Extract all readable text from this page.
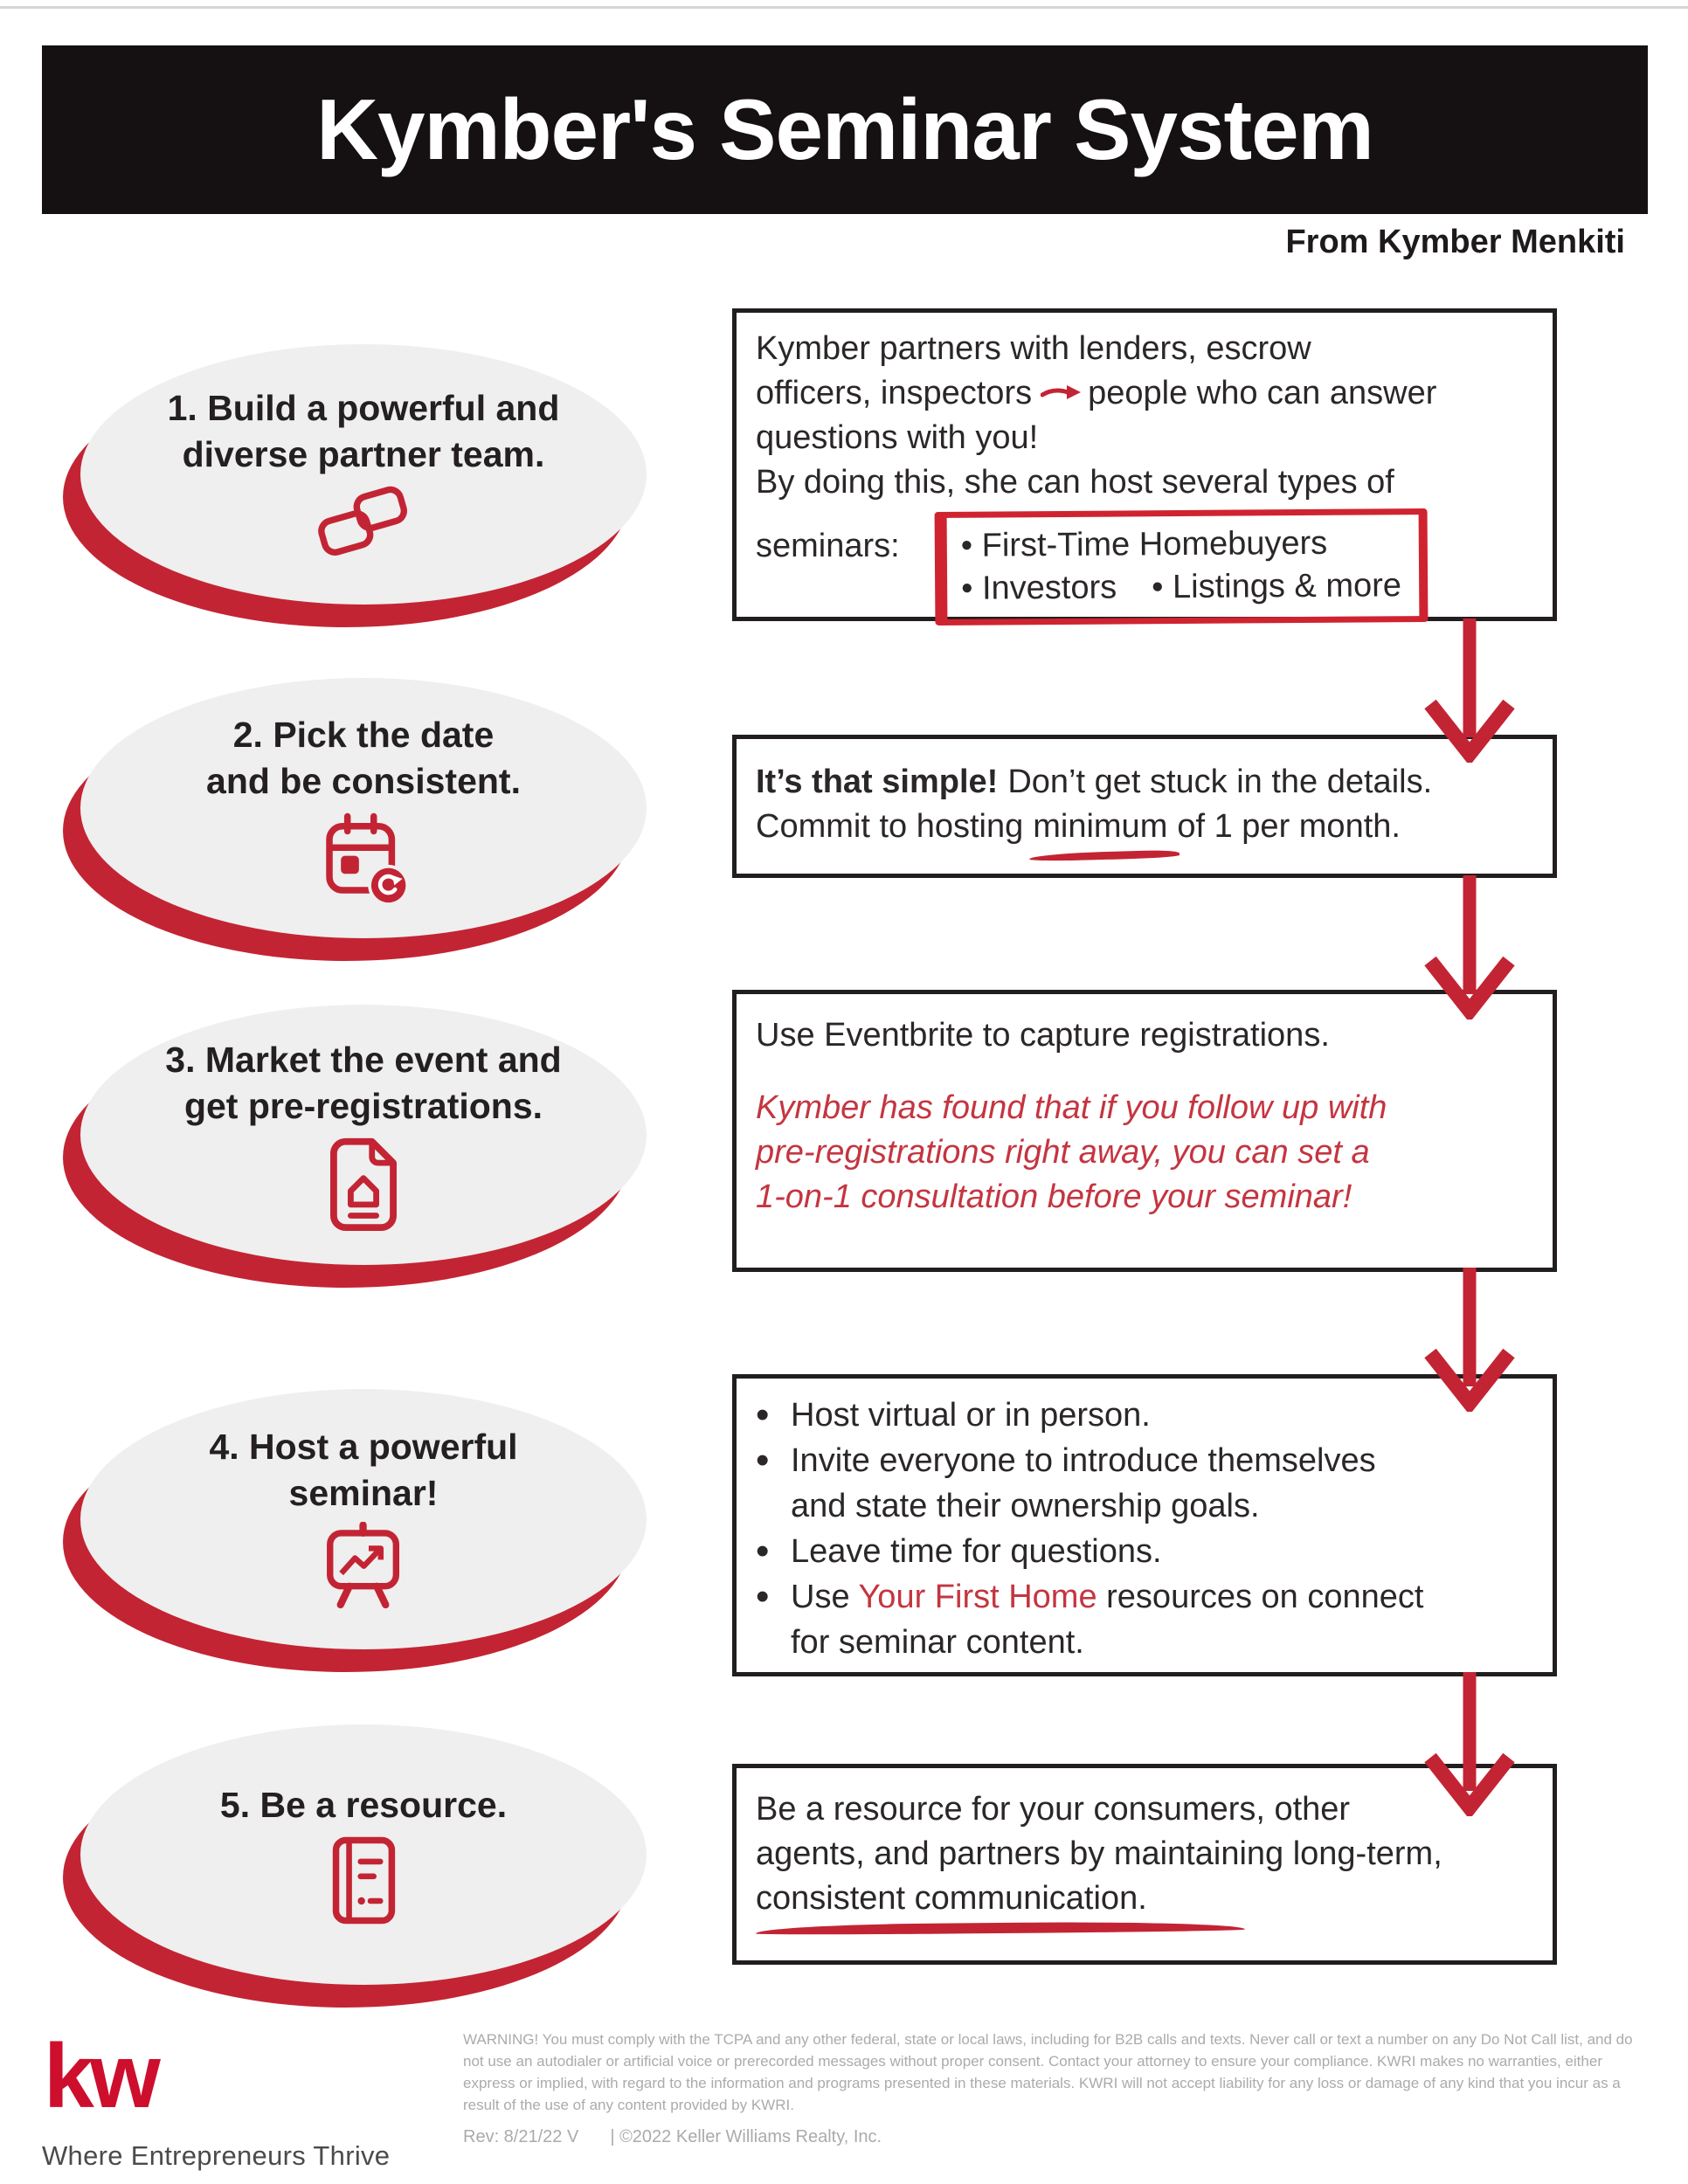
Kymber's Seminar System
From Kymber Menkiti
1. Build a powerful and
diverse partner team.
2. Pick the date
and be consistent.
3. Market the event and
get pre-registrations.
4. Host a powerful
seminar!
5. Be a resource.
Kymber partners with lenders, escrow
officers, inspectors people who can answer
questions with you!
By doing this, she can host several types of
seminars: • First-Time Homebuyers
• Investors • Listings & more
It’s that simple! Don’t get stuck in the details.
Commit to hosting minimum of 1 per month.
Use Eventbrite to capture registrations.
Kymber has found that if you follow up with
pre-registrations right away, you can set a
1-on-1 consultation before your seminar!
• Host virtual or in person.
• Invite everyone to introduce themselves
and state their ownership goals.
• Leave time for questions.
• Use Your First Home resources on connect
for seminar content.
Be a resource for your consumers, other
agents, and partners by maintaining long-term,
consistent communication.
kw
Where Entrepreneurs Thrive
WARNING! You must comply with the TCPA and any other federal, state or local laws, including for B2B calls and texts. Never call or text a number on any Do Not Call list, and do not use an autodialer or artificial voice or prerecorded messages without proper consent. Contact your attorney to ensure your compliance. KWRI makes no warranties, either express or implied, with regard to the information and programs presented in these materials. KWRI will not accept liability for any loss or damage of any kind that you incur as a result of the use of any content provided by KWRI.
Rev: 8/21/22 V | ©2022 Keller Williams Realty, Inc.
